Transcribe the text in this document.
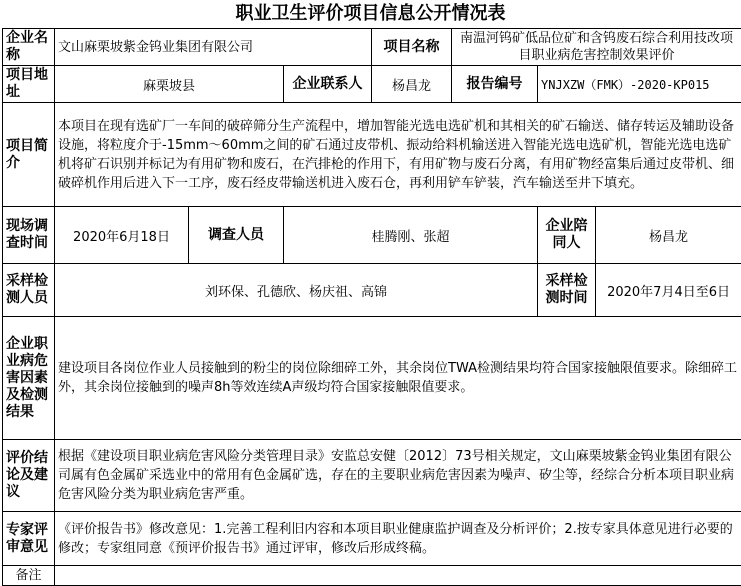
职业卫生评价项目信息公开情况表
企业名称	文山麻栗坡紫金钨业集团有限公司			项目名称	南温河钨矿低品位矿和含钨废石综合利用技改项目职业病危害控制效果评价		
项目地址	麻栗坡县		企业联系人	杨昌龙	报告编号	YNJXZW（FMK）-2020-KP015	
项目简介	本项目在现有选矿厂一车间的破碎筛分生产流程中，增加智能光选电选矿机和其相关的矿石输送、储存转运及辅助设备设施，将粒度介于-15mm～60mm之间的矿石通过皮带机、振动给料机输送进入智能光选电选矿机，智能光选电选矿机将矿石识别并标记为有用矿物和废石，在汽排枪的作用下，有用矿物与废石分离，有用矿物经富集后通过皮带机、细破碎机作用后进入下一工序，废石经皮带输送机进入废石仓，再利用铲车铲装，汽车输送至井下填充。						
现场调查时间	2020年6月18日	调查人员	桂腾刚、张超			企业陪同人	杨昌龙
采样检测人员	刘环保、孔德欣、杨庆祖、高锦					采样检测时间	2020年7月4日至6日
企业职业病危害因素及检测结果	建设项目各岗位作业人员接触到的粉尘的岗位除细碎工外，其余岗位TWA检测结果均符合国家接触限值要求。除细碎工外，其余岗位接触到的噪声8h等效连续A声级均符合国家接触限值要求。						
评价结论及建议	根据《建设项目职业病危害风险分类管理目录》安监总安健〔2012〕73号相关规定，文山麻栗坡紫金钨业集团有限公司属有色金属矿采选业中的常用有色金属矿选，存在的主要职业病危害因素为噪声、矽尘等，经综合分析本项目职业病危害风险分类为职业病危害严重。						
专家评审意见	《评价报告书》修改意见：1.完善工程利旧内容和本项目职业健康监护调查及分析评价；2.按专家具体意见进行必要的修改；专家组同意《预评价报告书》通过评审，修改后形成终稿。						
备注							
